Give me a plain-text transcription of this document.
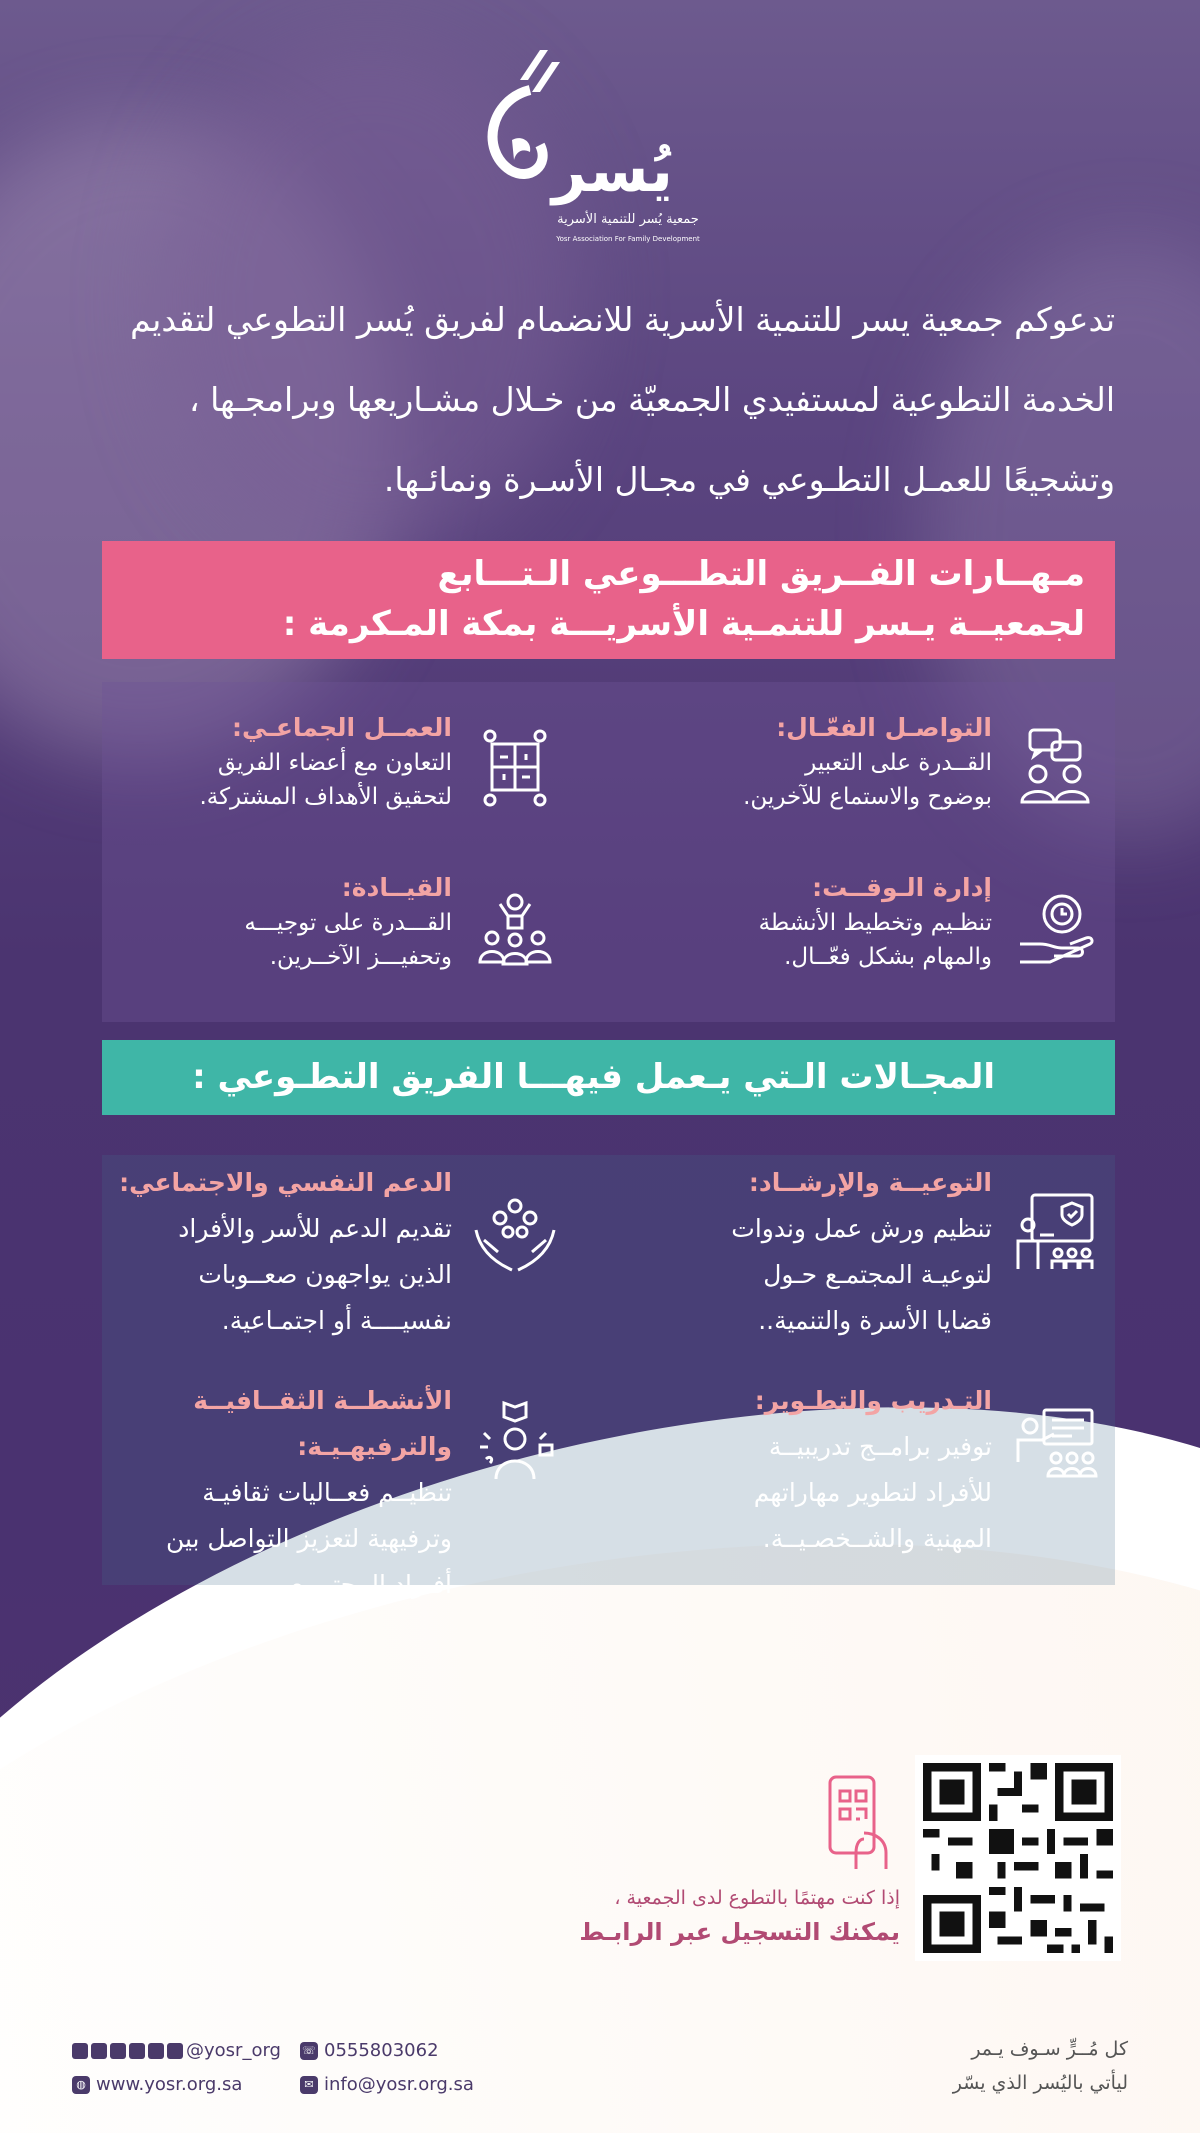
يُسر
جمعية يُسر للتنمية الأسرية
Yosr Association For Family Development

تدعوكم جمعية يسر للتنمية الأسرية للانضمام لفريق يُسر التطوعي لتقديم

الخدمة التطوعية لمستفيدي الجمعيّة من خـلال مشـاريعها وبرامجـها ،

وتشجيعًا للعمـل التطـوعي في مجـال الأسـرة ونمائـها.

مـهــارات الفــريق التطـــوعي الـتـــابع
لجمعيــة يـسر للتنمـية الأسريـــة بمكة المـكرمة :
التواصـل الفعّـال:
القــدرة على التعبير
بوضوح والاستماع للآخرين.
العمــل الجماعـي:
التعاون مع أعضاء الفريق
لتحقيق الأهداف المشتركة.
إدارة الـوقــت:
تنظـيم وتخطيط الأنشطة
والمهام بشكل فعّــال.
القيــادة:
القـــدرة على توجيـــه
وتحفيـــز الآخــرين.
المجـالات الـتي يـعمل فيهـــا الفريق التطـوعي :
التوعيــة والإرشــاد:
تنظيم ورش عمل وندوات
لتوعيـة المجتمـع حـول
قضايا الأسرة والتنمية..
الدعم النفسي والاجتماعي:
تقديم الدعم للأسر والأفراد
الذين يواجهون صعــوبات
نفسيــــة أو اجتمـاعية.
التـدريب والتطـوير:
توفير برامــج تدريبيــة
للأفراد لتطوير مهاراتهم
المهنية والشــخصـيــة.
الأنشطــة الثقــافيــة
والترفيهـيـة:
تنظيــم فعــاليات ثقافيـة
وترفيهية لتعزيز التواصل بين
أفـراد المجتمــع.
إذا كنت مهتمًا بالتطوع لدى الجمعية ،
يمكنك التسجيل عبر الرابـط
كل مُــرٍّ سـوف يـمر
ليأتي باليُسر الذي يسّر
☏ 0555803062
✉ info@yosr.org.sa
@yosr_org
◍ www.yosr.org.sa
